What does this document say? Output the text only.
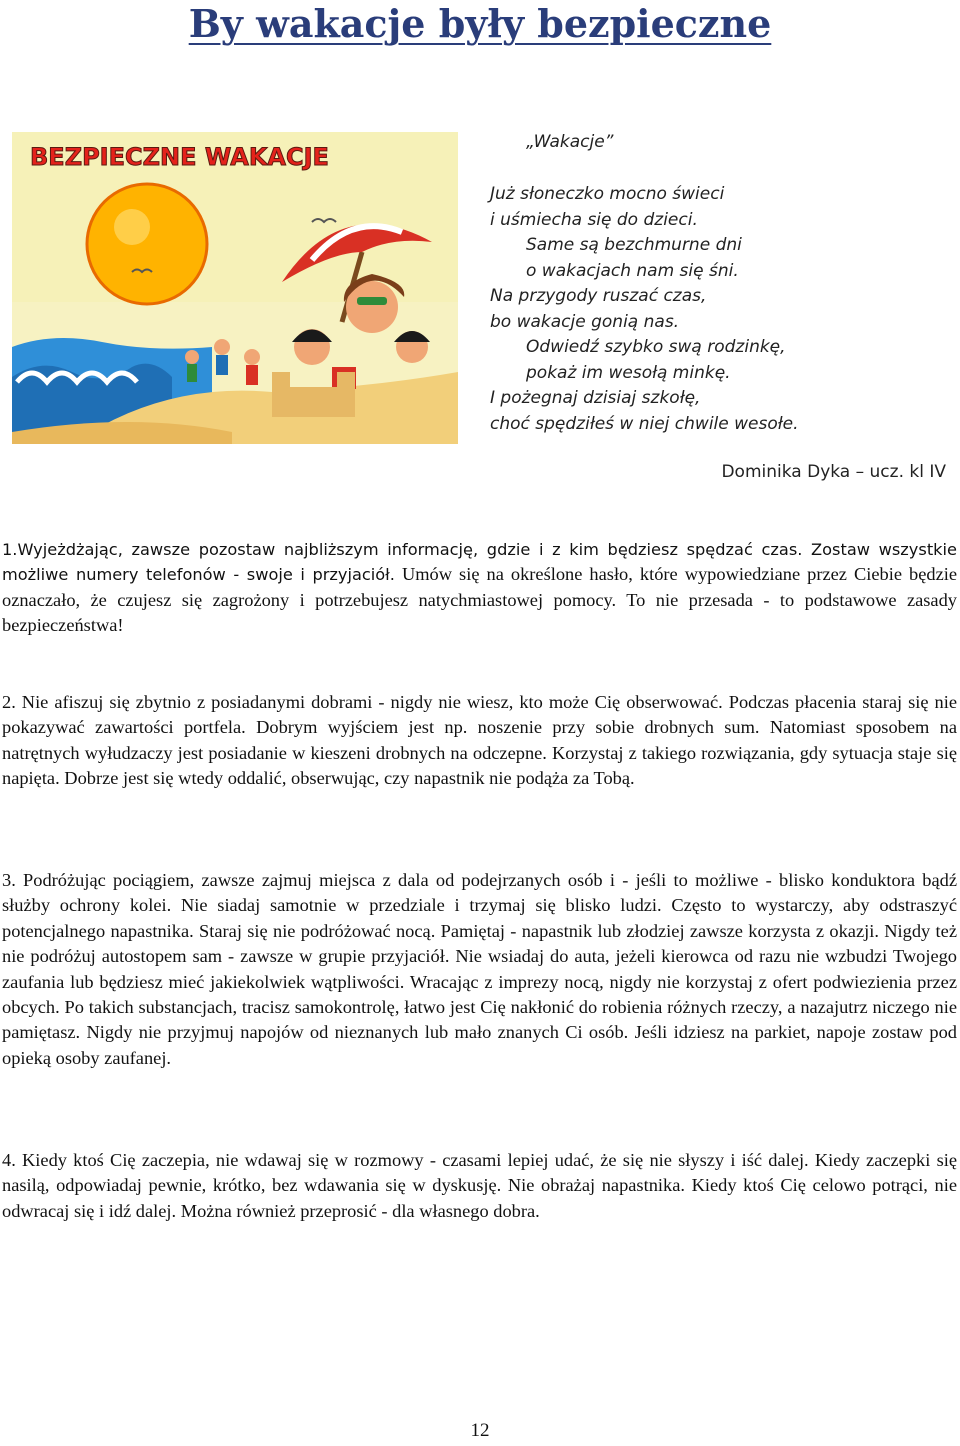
By wakacje były bezpieczne
BEZPIECZNE WAKACJE
„Wakacje”
Już słoneczko mocno świeci
i uśmiecha się do dzieci.
Same są bezchmurne dni
o wakacjach nam się śni.
Na przygody ruszać czas,
bo wakacje gonią nas.
Odwiedź szybko swą rodzinkę,
pokaż im wesołą minkę.
I pożegnaj dzisiaj szkołę,
choć spędziłeś w niej chwile wesołe.
Dominika Dyka – ucz. kl IV

1.Wyjeżdżając, zawsze pozostaw najbliższym informację, gdzie i z kim będziesz spędzać czas. Zostaw wszystkie możliwe numery telefonów - swoje i przyjaciół. Umów się na określone hasło, które wypowiedziane przez Ciebie będzie oznaczało, że czujesz się zagrożony i potrzebujesz natychmiastowej pomocy. To nie przesada - to podstawowe zasady bezpieczeństwa!

2. Nie afiszuj się zbytnio z posiadanymi dobrami - nigdy nie wiesz, kto może Cię obserwować. Podczas płacenia staraj się nie pokazywać zawartości portfela. Dobrym wyjściem jest np. noszenie przy sobie drobnych sum. Natomiast sposobem na natrętnych wyłudzaczy jest posiadanie w kieszeni drobnych na odczepne. Korzystaj z takiego rozwiązania, gdy sytuacja staje się napięta. Dobrze jest się wtedy oddalić, obserwując, czy napastnik nie podąża za Tobą.

3. Podróżując pociągiem, zawsze zajmuj miejsca z dala od podejrzanych osób i - jeśli to możliwe - blisko konduktora bądź służby ochrony kolei. Nie siadaj samotnie w przedziale i trzymaj się blisko ludzi. Często to wystarczy, aby odstraszyć potencjalnego napastnika. Staraj się nie podróżować nocą. Pamiętaj - napastnik lub złodziej zawsze korzysta z okazji. Nigdy też nie podróżuj autostopem sam - zawsze w grupie przyjaciół. Nie wsiadaj do auta, jeżeli kierowca od razu nie wzbudzi Twojego zaufania lub będziesz mieć jakiekolwiek wątpliwości. Wracając z imprezy nocą, nigdy nie korzystaj z ofert podwiezienia przez obcych. Po takich substancjach, tracisz samokontrolę, łatwo jest Cię nakłonić do robienia różnych rzeczy, a nazajutrz niczego nie pamiętasz. Nigdy nie przyjmuj napojów od nieznanych lub mało znanych Ci osób. Jeśli idziesz na parkiet, napoje zostaw pod opieką osoby zaufanej.

4. Kiedy ktoś Cię zaczepia, nie wdawaj się w rozmowy - czasami lepiej udać, że się nie słyszy i iść dalej. Kiedy zaczepki się nasilą, odpowiadaj pewnie, krótko, bez wdawania się w dyskusję. Nie obrażaj napastnika. Kiedy ktoś Cię celowo potrąci, nie odwracaj się i idź dalej. Można również przeprosić - dla własnego dobra.

12
